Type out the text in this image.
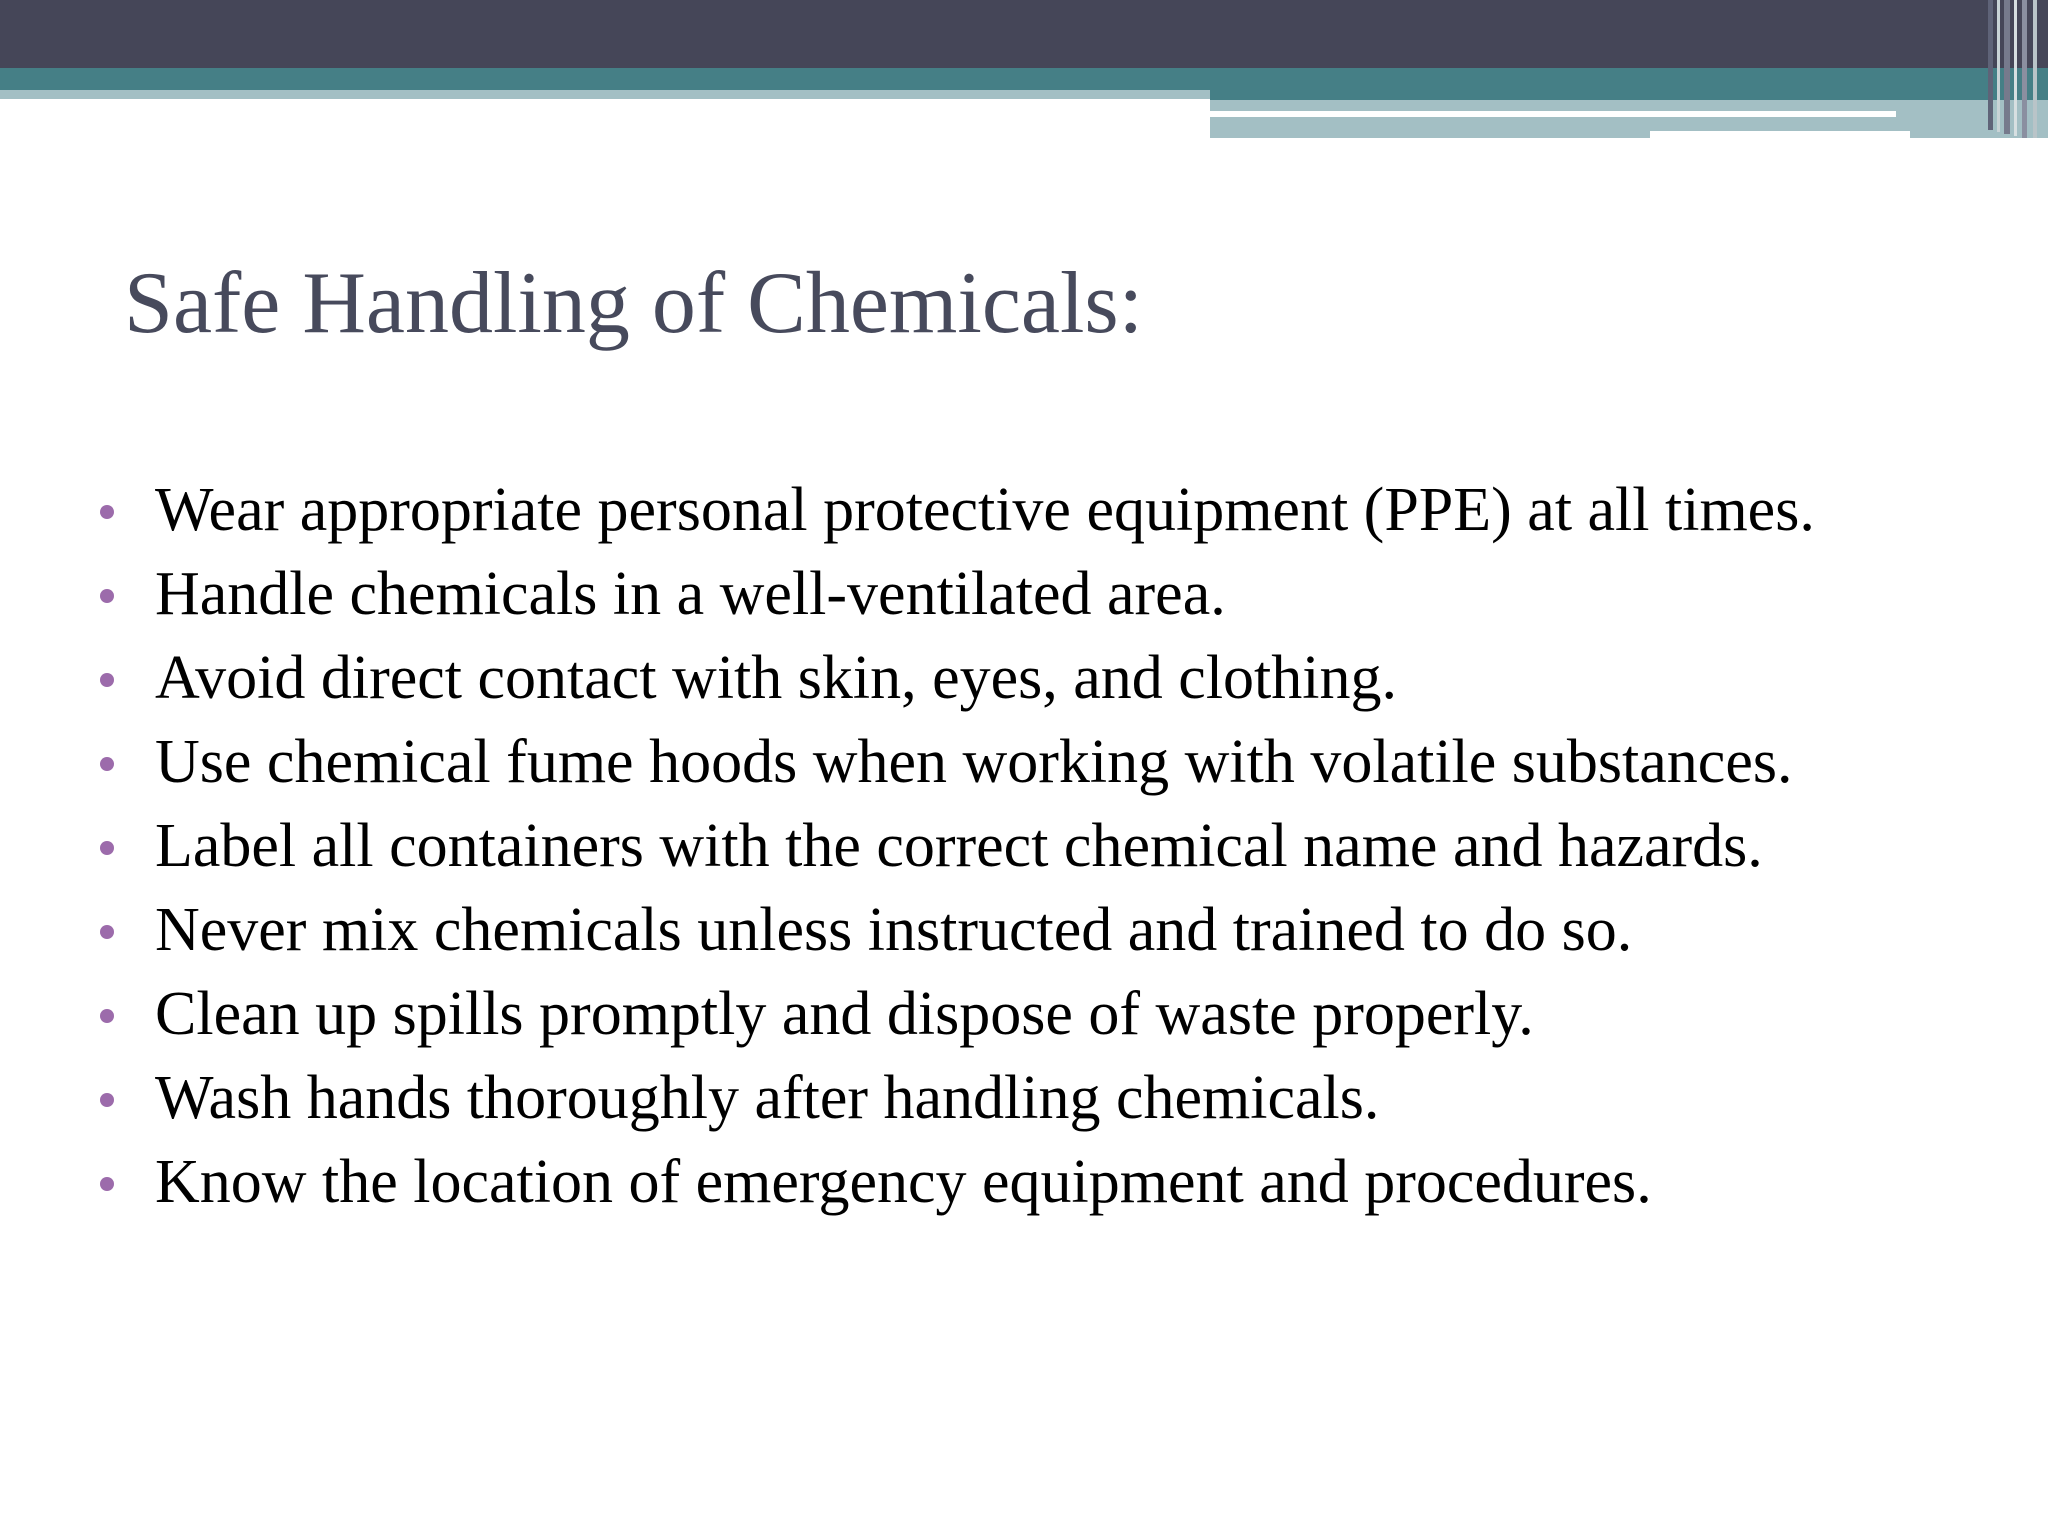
Safe Handling of Chemicals:
Wear appropriate personal protective equipment (PPE) at all times.
Handle chemicals in a well-ventilated area.
Avoid direct contact with skin, eyes, and clothing.
Use chemical fume hoods when working with volatile substances.
Label all containers with the correct chemical name and hazards.
Never mix chemicals unless instructed and trained to do so.
Clean up spills promptly and dispose of waste properly.
Wash hands thoroughly after handling chemicals.
Know the location of emergency equipment and procedures.
